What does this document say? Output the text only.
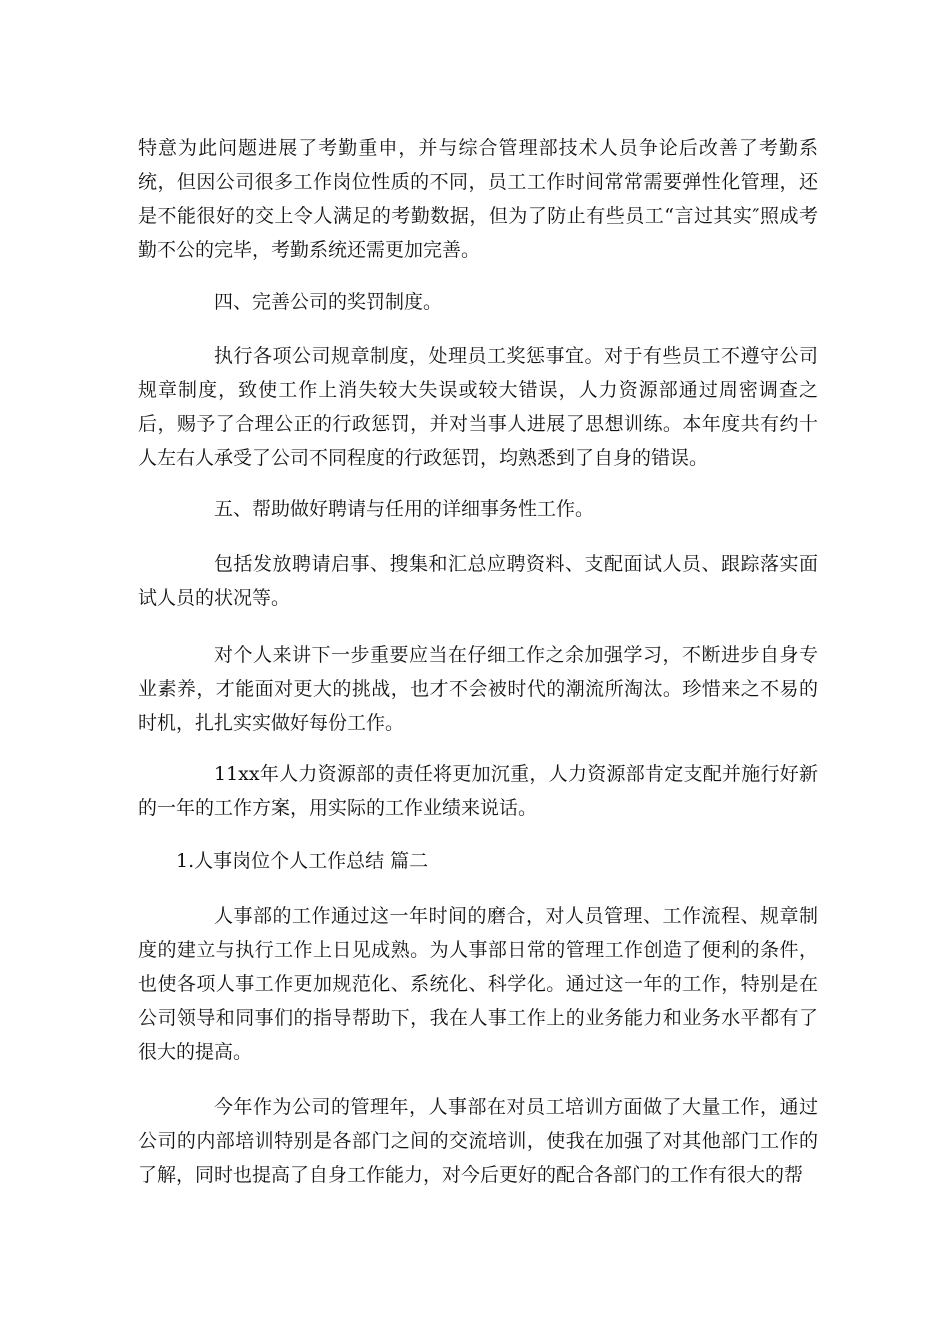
特意为此问题进展了考勤重申，并与综合管理部技术人员争论后改善了考勤系统，但因公司很多工作岗位性质的不同，员工工作时间常常需要弹性化管理，还是不能很好的交上令人满足的考勤数据，但为了防止有些员工“言过其实″照成考勤不公的完毕，考勤系统还需更加完善。

四、完善公司的奖罚制度。

执行各项公司规章制度，处理员工奖惩事宜。对于有些员工不遵守公司规章制度，致使工作上消失较大失误或较大错误，人力资源部通过周密调查之后，赐予了合理公正的行政惩罚，并对当事人进展了思想训练。本年度共有约十人左右人承受了公司不同程度的行政惩罚，均熟悉到了自身的错误。

五、帮助做好聘请与任用的详细事务性工作。

包括发放聘请启事、搜集和汇总应聘资料、支配面试人员、跟踪落实面试人员的状况等。

对个人来讲下一步重要应当在仔细工作之余加强学习，不断进步自身专业素养，才能面对更大的挑战，也才不会被时代的潮流所淘汰。珍惜来之不易的时机，扎扎实实做好每份工作。

11xx年人力资源部的责任将更加沉重，人力资源部肯定支配并施行好新的一年的工作方案，用实际的工作业绩来说话。

1.人事岗位个人工作总结 篇二

人事部的工作通过这一年时间的磨合，对人员管理、工作流程、规章制度的建立与执行工作上日见成熟。为人事部日常的管理工作创造了便利的条件，也使各项人事工作更加规范化、系统化、科学化。通过这一年的工作，特别是在公司领导和同事们的指导帮助下，我在人事工作上的业务能力和业务水平都有了很大的提高。

今年作为公司的管理年，人事部在对员工培训方面做了大量工作，通过公司的内部培训特别是各部门之间的交流培训，使我在加强了对其他部门工作的了解，同时也提高了自身工作能力，对今后更好的配合各部门的工作有很大的帮
